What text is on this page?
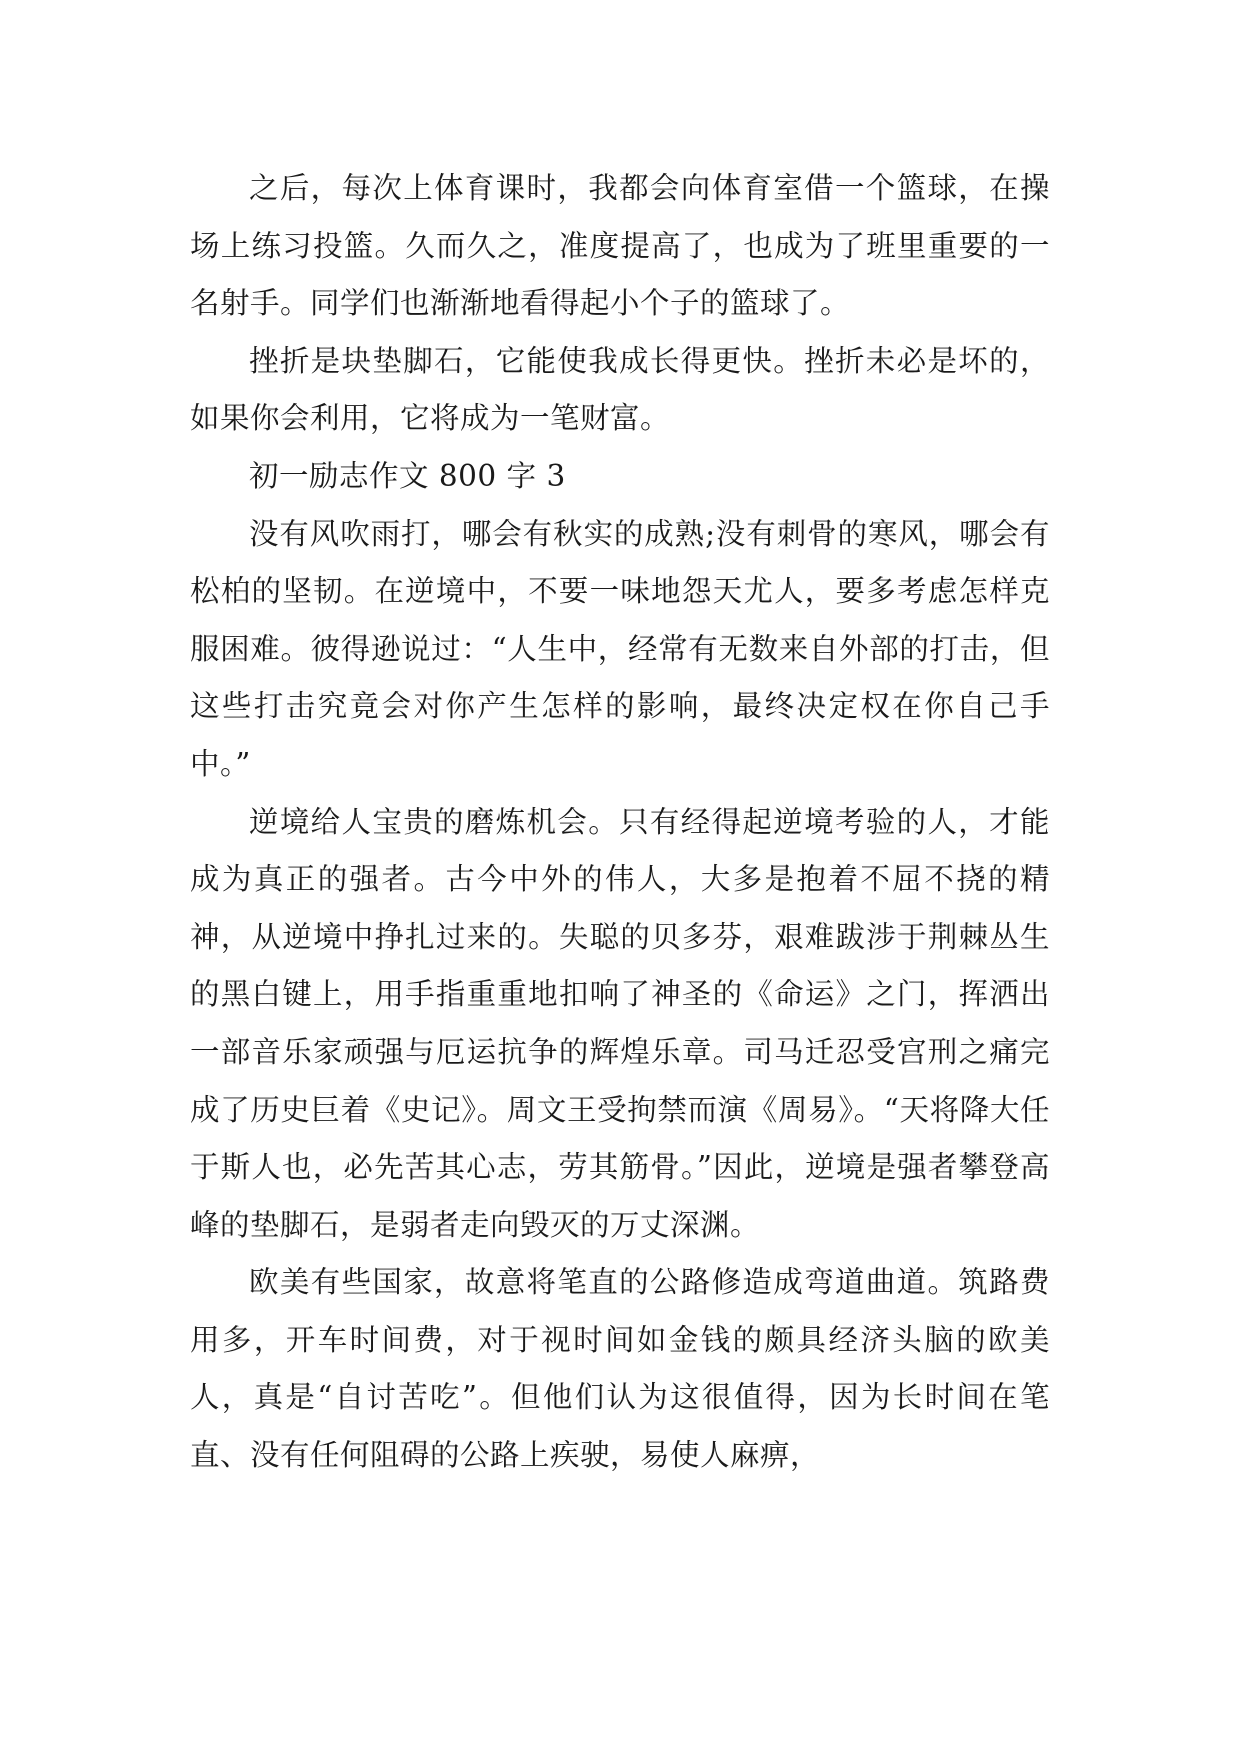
之后，每次上体育课时，我都会向体育室借一个篮球，在操场上练习投篮。久而久之，准度提高了，也成为了班里重要的一名射手。同学们也渐渐地看得起小个子的篮球了。

挫折是块垫脚石，它能使我成长得更快。挫折未必是坏的，如果你会利用，它将成为一笔财富。

初一励志作文 800 字 3

没有风吹雨打，哪会有秋实的成熟;没有刺骨的寒风，哪会有松柏的坚韧。在逆境中，不要一味地怨天尤人，要多考虑怎样克服困难。彼得逊说过：“人生中，经常有无数来自外部的打击，但这些打击究竟会对你产生怎样的影响，最终决定权在你自己手中。”

逆境给人宝贵的磨炼机会。只有经得起逆境考验的人，才能成为真正的强者。古今中外的伟人，大多是抱着不屈不挠的精神，从逆境中挣扎过来的。失聪的贝多芬，艰难跋涉于荆棘丛生的黑白键上，用手指重重地扣响了神圣的《命运》之门，挥洒出一部音乐家顽强与厄运抗争的辉煌乐章。司马迁忍受宫刑之痛完成了历史巨着《史记》。周文王受拘禁而演《周易》。“天将降大任于斯人也，必先苦其心志，劳其筋骨。”因此，逆境是强者攀登高峰的垫脚石，是弱者走向毁灭的万丈深渊。

欧美有些国家，故意将笔直的公路修造成弯道曲道。筑路费用多，开车时间费，对于视时间如金钱的颇具经济头脑的欧美人，真是“自讨苦吃”。但他们认为这很值得，因为长时间在笔直、没有任何阻碍的公路上疾驶，易使人麻痹，
